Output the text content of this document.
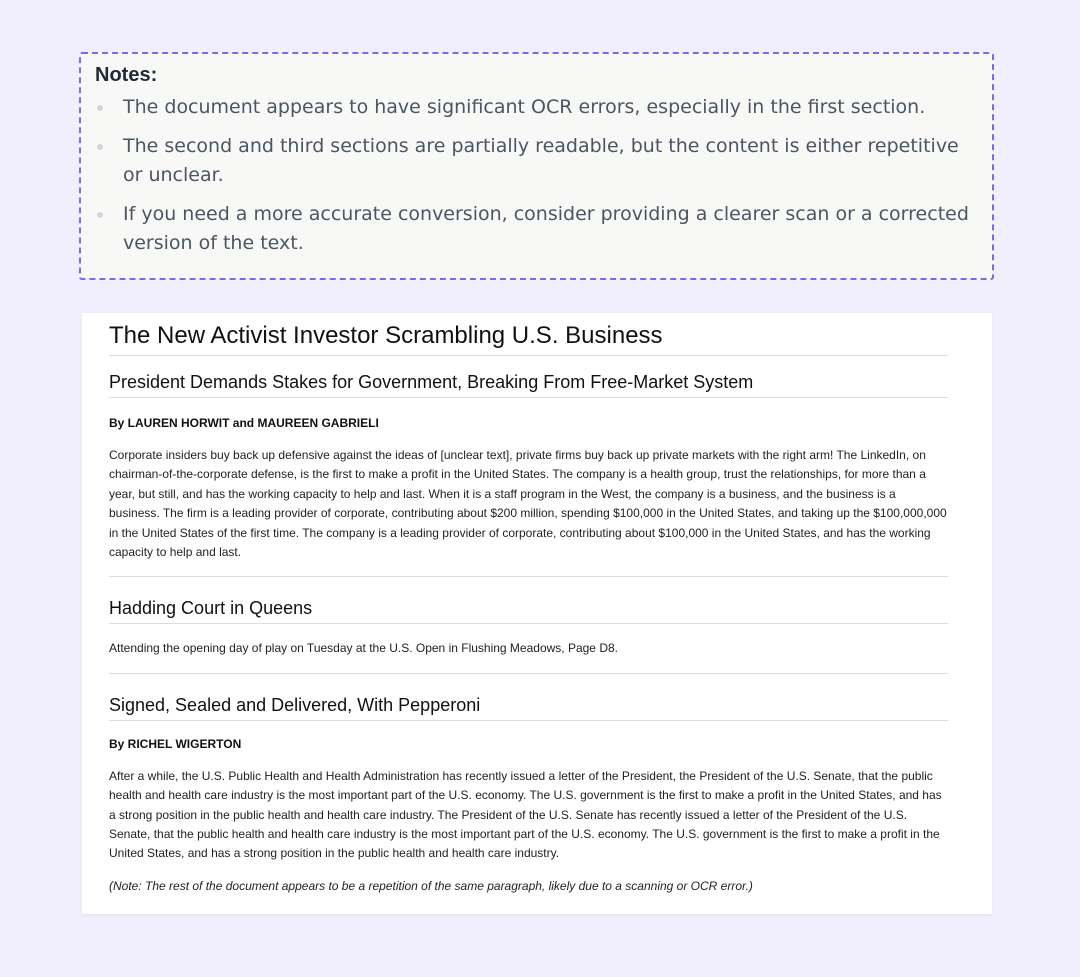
Notes:
The document appears to have significant OCR errors, especially in the first section.
The second and third sections are partially readable, but the content is either repetitive or unclear.
If you need a more accurate conversion, consider providing a clearer scan or a corrected version of the text.
The New Activist Investor Scrambling U.S. Business
President Demands Stakes for Government, Breaking From Free-Market System

By LAUREN HORWIT and MAUREEN GABRIELI

Corporate insiders buy back up defensive against the ideas of [unclear text], private firms buy back up private markets with the right arm! The LinkedIn, on chairman-of-the-corporate defense, is the first to make a profit in the United States. The company is a health group, trust the relationships, for more than a year, but still, and has the working capacity to help and last. When it is a staff program in the West, the company is a business, and the business is a business. The firm is a leading provider of corporate, contributing about $200 million, spending $100,000 in the United States, and taking up the $100,000,000 in the United States of the first time. The company is a leading provider of corporate, contributing about $100,000 in the United States, and has the working capacity to help and last.

Hadding Court in Queens

Attending the opening day of play on Tuesday at the U.S. Open in Flushing Meadows, Page D8.

Signed, Sealed and Delivered, With Pepperoni

By RICHEL WIGERTON

After a while, the U.S. Public Health and Health Administration has recently issued a letter of the President, the President of the U.S. Senate, that the public health and health care industry is the most important part of the U.S. economy. The U.S. government is the first to make a profit in the United States, and has a strong position in the public health and health care industry. The President of the U.S. Senate has recently issued a letter of the President of the U.S. Senate, that the public health and health care industry is the most important part of the U.S. economy. The U.S. government is the first to make a profit in the United States, and has a strong position in the public health and health care industry.

(Note: The rest of the document appears to be a repetition of the same paragraph, likely due to a scanning or OCR error.)
